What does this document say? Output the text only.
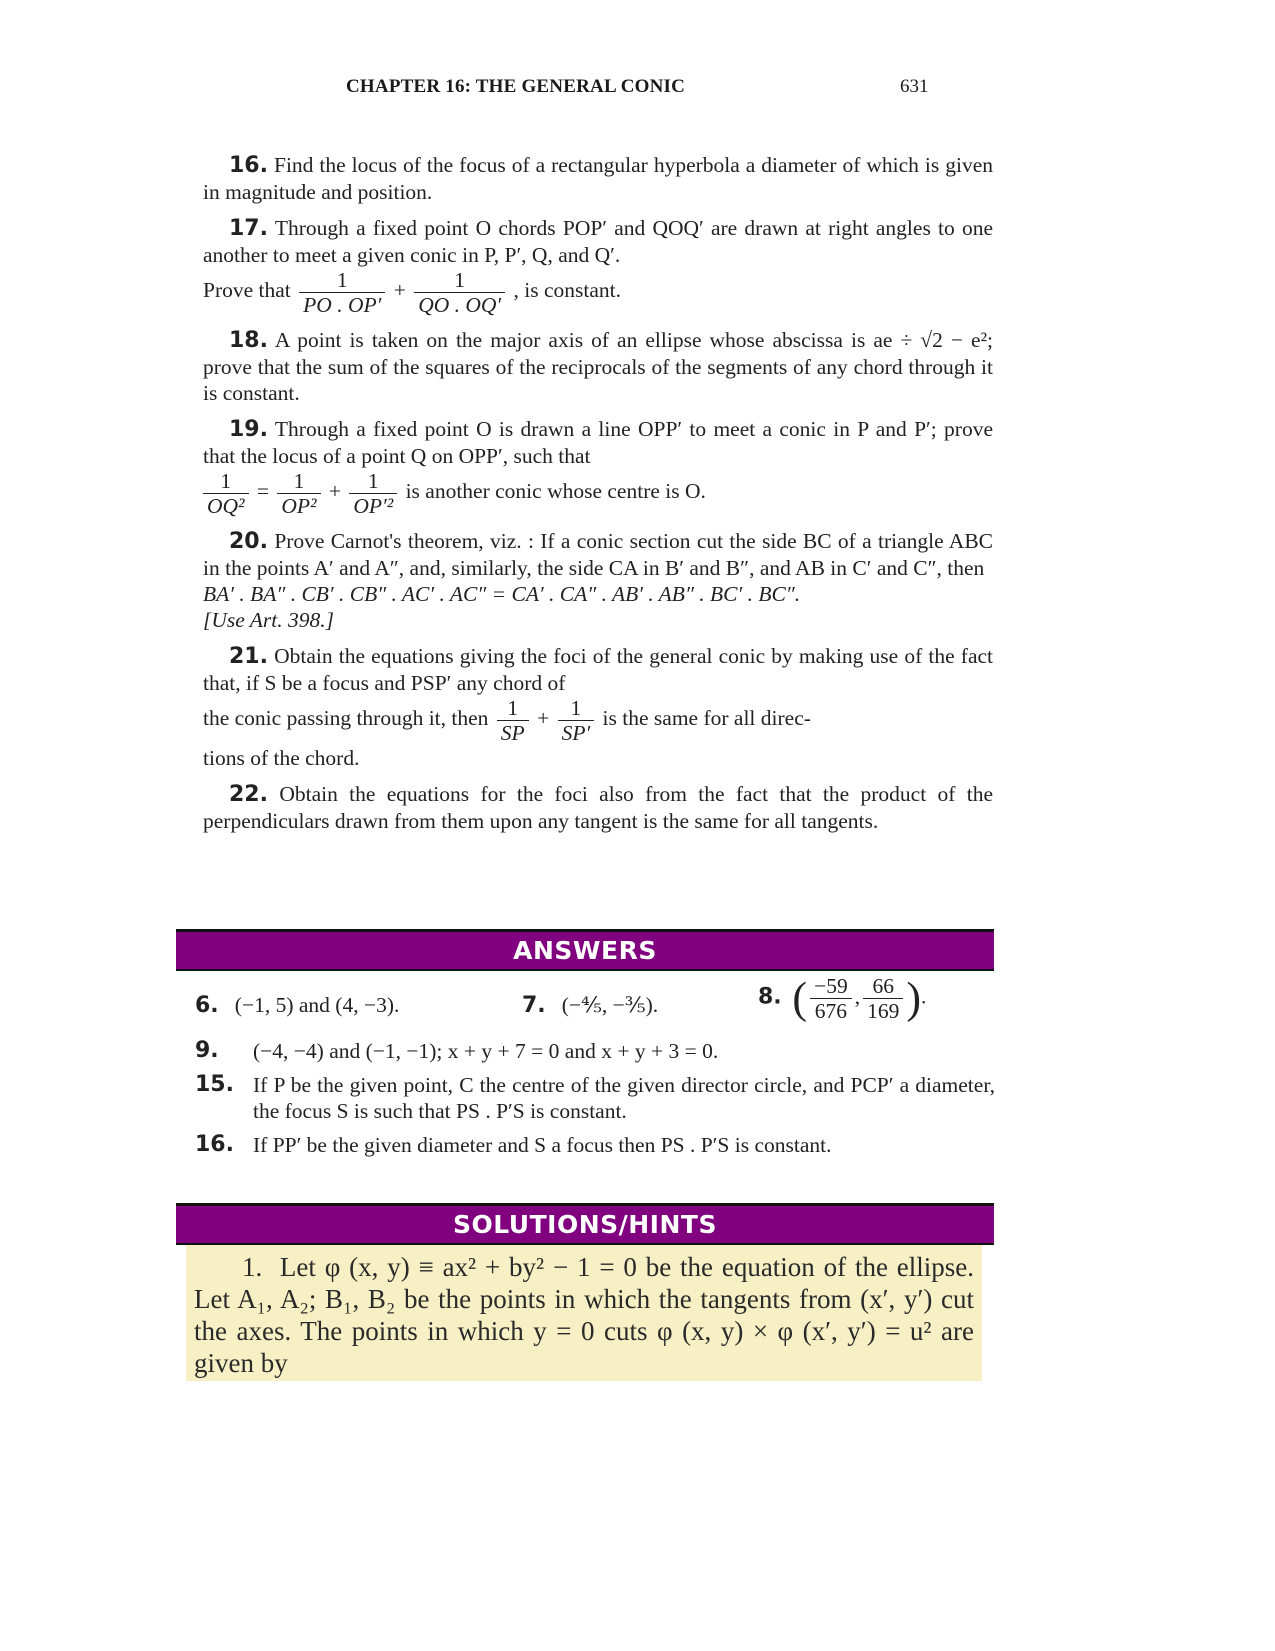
CHAPTER 16: THE GENERAL CONIC	631

16. Find the locus of the focus of a rectangular hyperbola a diameter of which is given in magnitude and position.

17. Through a fixed point O chords POP′ and QOQ′ are drawn at right angles to one another to meet a given conic in P, P′, Q, and Q′.
Prove that $\frac{1}{PO . OP'} + \frac{1}{QO . OQ'}$ , is constant.

18. A point is taken on the major axis of an ellipse whose abscissa is ae ÷ √2 − e²; prove that the sum of the squares of the reciprocals of the segments of any chord through it is constant.

19. Through a fixed point O is drawn a line OPP′ to meet a conic in P and P′; prove that the locus of a point Q on OPP′, such that

$\frac{1}{\text{OQ²}} = \frac{1}{\text{OP²}} + \frac{1}{\text{OP′²}}$ is another conic whose centre is O.

20. Prove Carnot's theorem, viz. : If a conic section cut the side BC of a triangle ABC in the points A′ and A″, and, similarly, the side CA in B′ and B″, and AB in C′ and C″, then
BA′ . BA″ . CB′ . CB″ . AC′ . AC″ = CA′ . CA″ . AB′ . AB″ . BC′ . BC″.
[Use Art. 398.]

21. Obtain the equations giving the foci of the general conic by making use of the fact that, if S be a focus and PSP′ any chord of
the conic passing through it, then $\frac{1}{SP} + \frac{1}{SP'}$ is the same for all direc-
tions of the chord.

22. Obtain the equations for the foci also from the fact that the product of the perpendiculars drawn from them upon any tangent is the same for all tangents.

ANSWERS
6. (−1, 5) and (4, −3).	7. (−⅘, −⅗).	8. ( $\frac{-59}{676}$ , $\frac{66}{169}$ ).
9. (−4, −4) and (−1, −1); x + y + 7 = 0 and x + y + 3 = 0.
15. If P be the given point, C the centre of the given director circle, and PCP′ a diameter, the focus S is such that PS . P′S is constant.
16. If PP′ be the given diameter and S a focus then PS . P′S is constant.
SOLUTIONS/HINTS

1. Let φ (x, y) ≡ ax² + by² − 1 = 0 be the equation of the ellipse. Let A₁, A₂; B₁, B₂ be the points in which the tangents from (x′, y′) cut the axes. The points in which y = 0 cuts φ (x, y) × φ (x′, y′) = u² are given by
